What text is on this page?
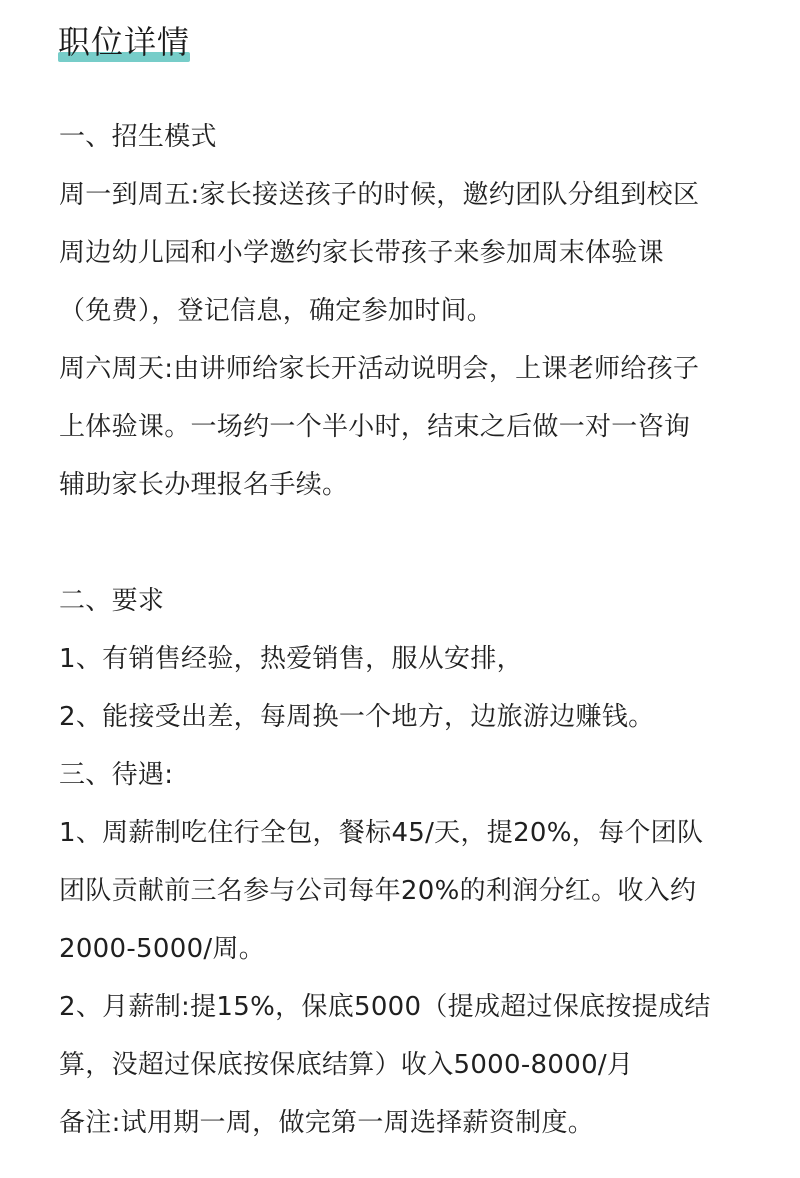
职位详情
一、招生模式
周一到周五:家长接送孩子的时候，邀约团队分组到校区
周边幼儿园和小学邀约家长带孩子来参加周末体验课
（免费），登记信息，确定参加时间。
周六周天:由讲师给家长开活动说明会，上课老师给孩子
上体验课。一场约一个半小时，结束之后做一对一咨询
辅助家长办理报名手续。
二、要求
1、有销售经验，热爱销售，服从安排，
2、能接受出差，每周换一个地方，边旅游边赚钱。
三、待遇:
1、周薪制吃住行全包，餐标45/天，提20%，每个团队
团队贡献前三名参与公司每年20%的利润分红。收入约
2000-5000/周。
2、月薪制:提15%，保底5000（提成超过保底按提成结
算，没超过保底按保底结算）收入5000-8000/月
备注:试用期一周，做完第一周选择薪资制度。
